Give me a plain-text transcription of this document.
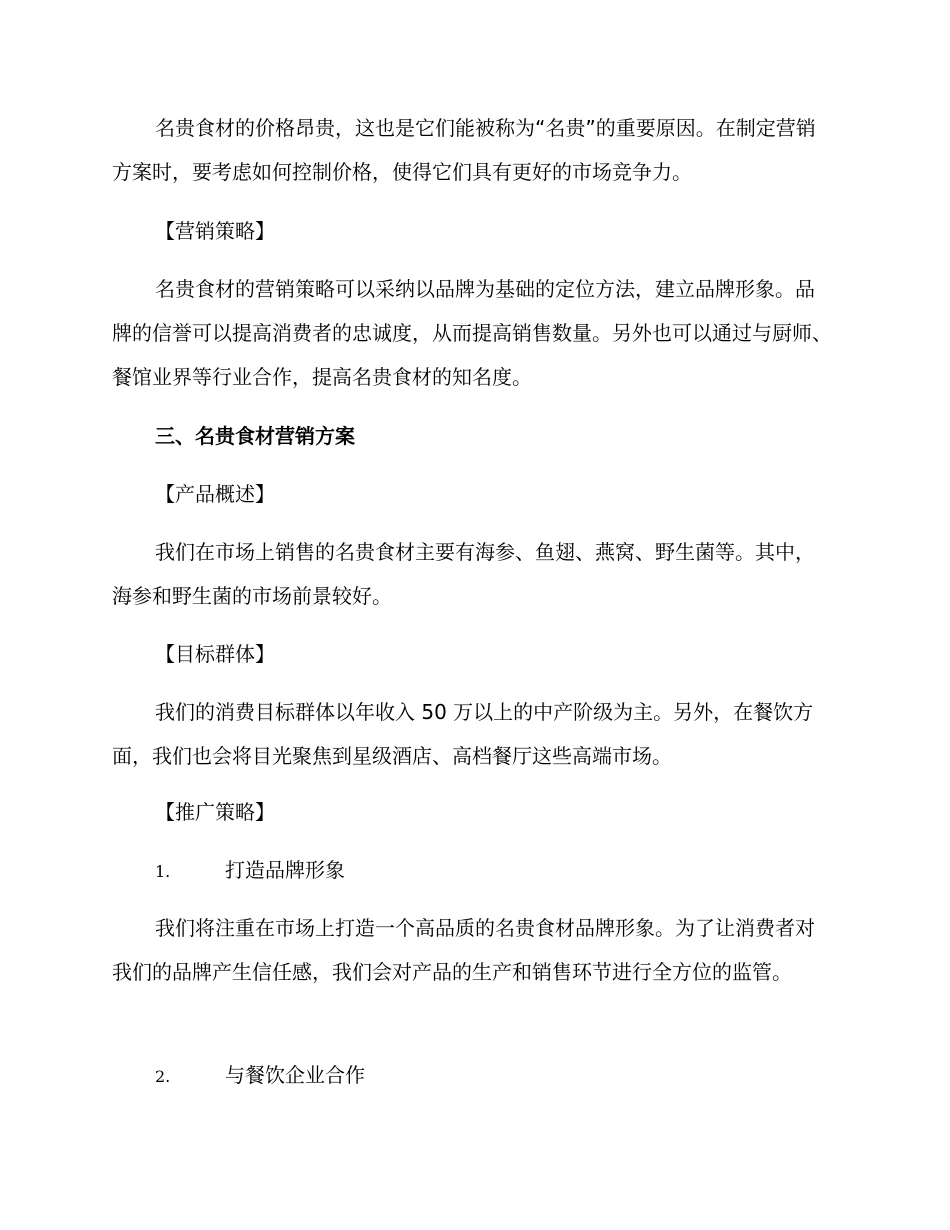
名贵食材的价格昂贵，这也是它们能被称为“名贵”的重要原因。在制定营销方案时，要考虑如何控制价格，使得它们具有更好的市场竞争力。

【营销策略】

名贵食材的营销策略可以采纳以品牌为基础的定位方法，建立品牌形象。品牌的信誉可以提高消费者的忠诚度，从而提高销售数量。另外也可以通过与厨师、餐馆业界等行业合作，提高名贵食材的知名度。

三、名贵食材营销方案

【产品概述】

我们在市场上销售的名贵食材主要有海参、鱼翅、燕窝、野生菌等。其中，海参和野生菌的市场前景较好。

【目标群体】

我们的消费目标群体以年收入 50 万以上的中产阶级为主。另外，在餐饮方面，我们也会将目光聚焦到星级酒店、高档餐厅这些高端市场。

【推广策略】

1.	打造品牌形象

我们将注重在市场上打造一个高品质的名贵食材品牌形象。为了让消费者对我们的品牌产生信任感，我们会对产品的生产和销售环节进行全方位的监管。

2.	与餐饮企业合作
